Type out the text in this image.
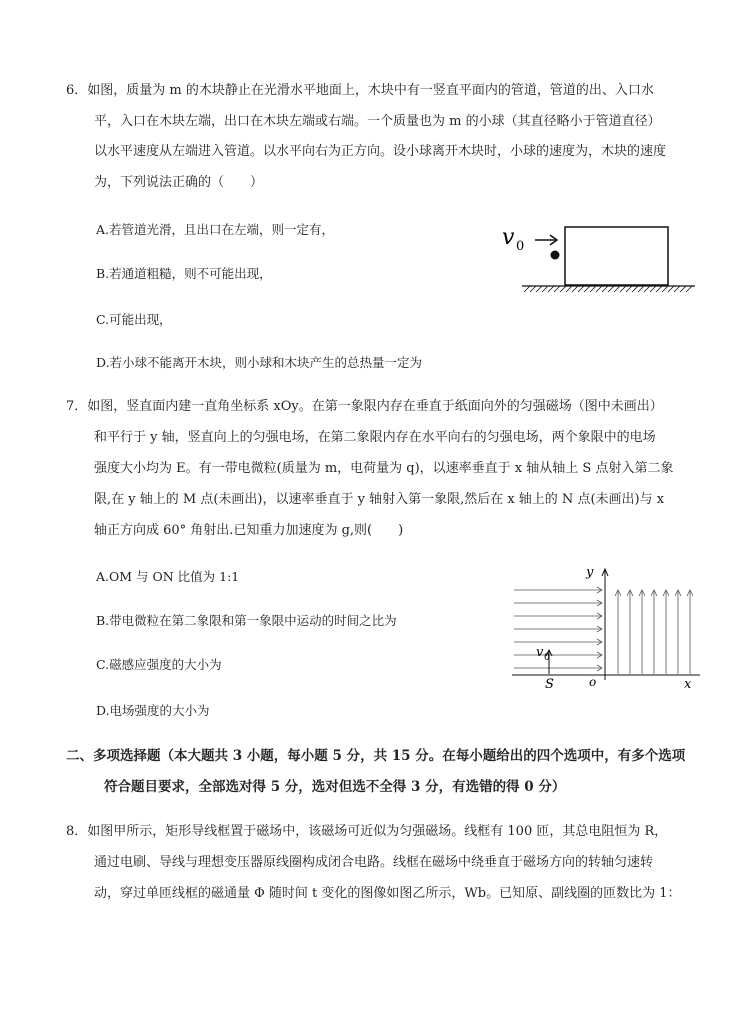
6．如图，质量为 m 的木块静止在光滑水平地面上，木块中有一竖直平面内的管道，管道的出、入口水
平，入口在木块左端，出口在木块左端或右端。一个质量也为 m 的小球（其直径略小于管道直径）
以水平速度从左端进入管道。以水平向右为正方向。设小球离开木块时，小球的速度为，木块的速度
为，下列说法正确的（　　）
A.若管道光滑，且出口在左端，则一定有，
B.若通道粗糙，则不可能出现，
C.可能出现，
D.若小球不能离开木块，则小球和木块产生的总热量一定为
v 0
7．如图，竖直面内建一直角坐标系 xOy。在第一象限内存在垂直于纸面向外的匀强磁场（图中未画出）
和平行于 y 轴，竖直向上的匀强电场，在第二象限内存在水平向右的匀强电场，两个象限中的电场
强度大小均为 E。有一带电微粒(质量为 m，电荷量为 q)，以速率垂直于 x 轴从轴上 S 点射入第二象
限,在 y 轴上的 M 点(未画出)，以速率垂直于 y 轴射入第一象限,然后在 x 轴上的 N 点(未画出)与 x
轴正方向成 60° 角射出.已知重力加速度为 g,则(　　)
A.OM 与 ON 比值为 1:1
B.带电微粒在第二象限和第一象限中运动的时间之比为
C.磁感应强度的大小为
D.电场强度的大小为
y
x
o
v 0
S
二、多项选择题（本大题共 3 小题，每小题 5 分，共 15 分。在每小题给出的四个选项中，有多个选项
符合题目要求，全部选对得 5 分，选对但选不全得 3 分，有选错的得 0 分）
8．如图甲所示，矩形导线框置于磁场中，该磁场可近似为匀强磁场。线框有 100 匝，其总电阻恒为 R，
通过电刷、导线与理想变压器原线圈构成闭合电路。线框在磁场中绕垂直于磁场方向的转轴匀速转
动，穿过单匝线框的磁通量 Φ 随时间 t 变化的图像如图乙所示，Wb。已知原、副线圈的匝数比为 1：
